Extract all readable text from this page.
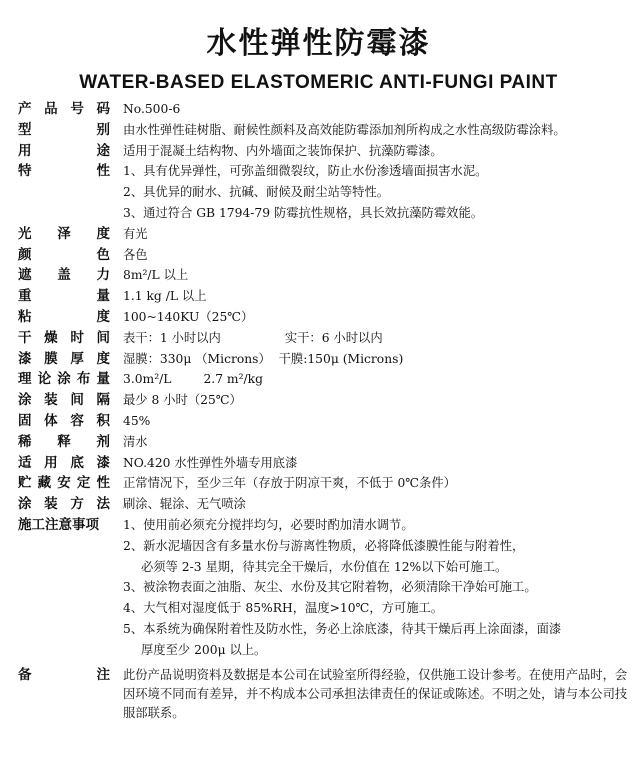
水性弹性防霉漆
WATER-BASED ELASTOMERIC ANTI-FUNGI PAINT
产 品 号 码 No.500-6
型	别 由水性弹性硅树脂、耐候性颜料及高效能防霉添加剂所构成之水性高级防霉涂料。
用	途 适用于混凝土结构物、内外墙面之装饰保护、抗藻防霉漆。
特	性 1、具有优异弹性，可弥盖细微裂纹，防止水份渗透墙面损害水泥。
2、具优异的耐水、抗碱、耐候及耐尘站等特性。
3、通过符合 GB 1794-79 防霉抗性规格，具长效抗藻防霉效能。
光 泽 度 有光
颜	色 各色
遮 盖 力 8m²/L 以上
重	量 1.1 kg /L 以上
粘	度 100~140KU（25℃）
干 燥 时 间 表干：1 小时以内	实干：6 小时以内
漆 膜 厚 度 湿膜：330μ （Microns） 干膜:150μ (Microns)
理 论 涂 布 量 3.0m²/L	2.7 m²/kg
涂 装 间 隔 最少 8 小时（25℃）
固 体 容 积 45%
稀 释 剂 清水
适 用 底 漆 NO.420 水性弹性外墙专用底漆
贮 藏 安 定 性 正常情况下，至少三年（存放于阴凉干爽，不低于 0℃条件）
涂 装 方 法 刷涂、辊涂、无气喷涂
施工注意事项 1、使用前必须充分搅拌均匀，必要时酌加清水调节。
2、新水泥墙因含有多量水份与游离性物质，必将降低漆膜性能与附着性，
必须等 2-3 星期，待其完全干燥后，水份值在 12%以下始可施工。
3、被涂物表面之油脂、灰尘、水份及其它附着物，必须清除干净始可施工。
4、大气相对湿度低于 85%RH，温度>10℃，方可施工。
5、本系统为确保附着性及防水性，务必上涂底漆，待其干燥后再上涂面漆，面漆
厚度至少 200μ 以上。
备	注 此份产品说明资料及数据是本公司在试验室所得经验，仅供施工设计参考。在使用产品时，会因环境不同而有差异，并不构成本公司承担法律责任的保证或陈述。不明之处，请与本公司技服部联系。
